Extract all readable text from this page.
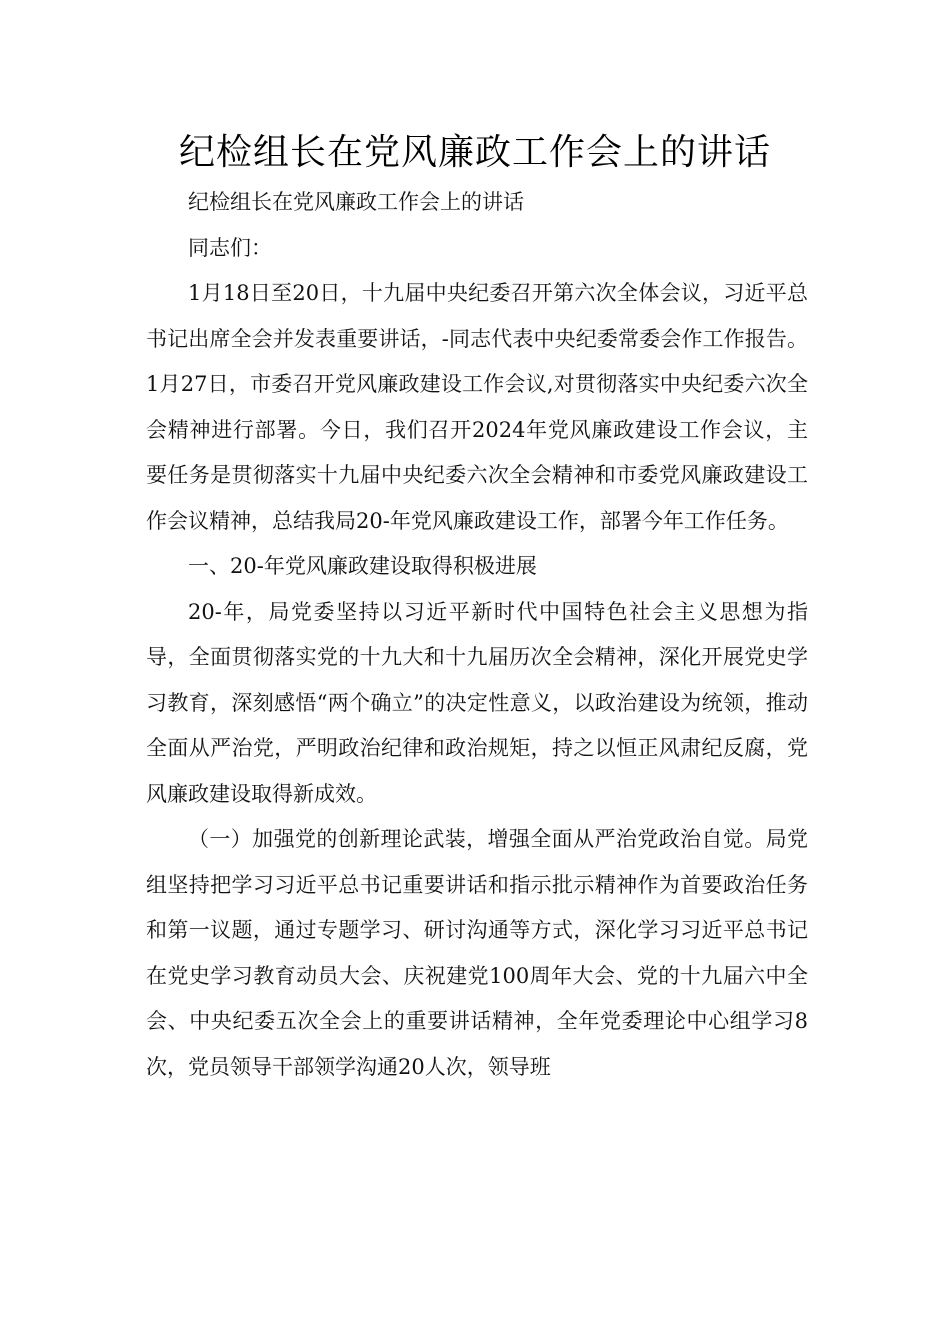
纪检组长在党风廉政工作会上的讲话

纪检组长在党风廉政工作会上的讲话

同志们：

1月18日至20日，十九届中央纪委召开第六次全体会议，习近平总书记出席全会并发表重要讲话，-同志代表中央纪委常委会作工作报告。1月27日，市委召开党风廉政建设工作会议,对贯彻落实中央纪委六次全会精神进行部署。今日，我们召开2024年党风廉政建设工作会议，主要任务是贯彻落实十九届中央纪委六次全会精神和市委党风廉政建设工作会议精神，总结我局20-年党风廉政建设工作，部署今年工作任务。

一、20-年党风廉政建设取得积极进展

20-年，局党委坚持以习近平新时代中国特色社会主义思想为指导，全面贯彻落实党的十九大和十九届历次全会精神，深化开展党史学习教育，深刻感悟“两个确立”的决定性意义，以政治建设为统领，推动全面从严治党，严明政治纪律和政治规矩，持之以恒正风肃纪反腐，党风廉政建设取得新成效。

（一）加强党的创新理论武装，增强全面从严治党政治自觉。局党组坚持把学习习近平总书记重要讲话和指示批示精神作为首要政治任务和第一议题，通过专题学习、研讨沟通等方式，深化学习习近平总书记在党史学习教育动员大会、庆祝建党100周年大会、党的十九届六中全会、中央纪委五次全会上的重要讲话精神，全年党委理论中心组学习8次，党员领导干部领学沟通20人次，领导班
